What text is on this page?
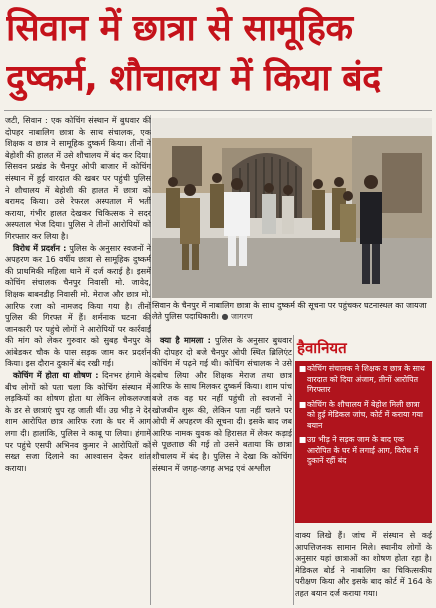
सिवान में छात्रा से सामूहिक
दुष्कर्म, शौचालय में किया बंद

जटी, सिवान : एक कोचिंग संस्थान में बुधवार की दोपहर नाबालिग छात्रा के साथ संचालक, एक शिक्षक व छात्र ने सामूहिक दुष्कर्म किया। तीनों ने बेहोशी की हालत में उसे शौचालय में बंद कर दिया। सिसवन प्रखंड के चैनपुर ओपी बाजार में कोचिंग संस्थान में हुई वारदात की खबर पर पहुंची पुलिस ने शौचालय में बेहोशी की हालत में छात्रा को बरामद किया। उसे रेफरल अस्पताल में भर्ती कराया, गंभीर हालत देखकर चिकित्सक ने सदर अस्पताल भेज दिया। पुलिस ने तीनों आरोपियों को गिरफ्तार कर लिया है।

विरोध में प्रदर्शन : पुलिस के अनुसार स्वजनों ने अपहरण कर 16 वर्षीय छात्रा से सामूहिक दुष्कर्म की प्राथमिकी महिला थाने में दर्ज कराई है। इसमें कोचिंग संचालक चैनपुर निवासी मो. जावेद, शिक्षक बाबनडीह निवासी मो. मेराज और छात्र मो. आरिफ रजा को नामजद किया गया है। तीनों पुलिस की गिरफ्त में हैं। शर्मनाक घटना की जानकारी पर पहुंचे लोगों ने आरोपियों पर कार्रवाई की मांग को लेकर गुरुवार को सुबह चैनपुर के आंबेडकर चौक के पास सड़क जाम कर प्रदर्शन किया। इस दौरान दुकानें बंद रखी गई।

कोचिंग में होता था शोषण : दिनभर हंगामे के बीच लोगों को पता चला कि कोचिंग संस्थान में लड़कियों का शोषण होता था लेकिन लोकलज्जा के डर से छात्राएं चुप रह जाती थीं। उग्र भीड़ ने देर शाम आरोपित छात्र आरिफ रजा के घर में आग लगा दी। हालांकि, पुलिस ने काबू पा लिया। हंगामे पर पहुंचे एसपी अभिनव कुमार ने आरोपितों को सख्त सजा दिलाने का आश्वासन देकर शांत कराया।

सिवान के चैनपुर में नाबालिग छात्रा के साथ दुष्कर्म की सूचना पर पहुंचकर घटनास्थल का जायजा लेते पुलिस पदाधिकारी। ● जागरण

क्या है मामला : पुलिस के अनुसार बुधवार की दोपहर दो बजे चैनपुर ओपी स्थित ब्रिलिएंट कोचिंग में पढ़ने गई थी। कोचिंग संचालक ने उसे दबोच लिया और शिक्षक मेराज तथा छात्र आरिफ के साथ मिलकर दुष्कर्म किया। शाम पांच बजे तक वह घर नहीं पहुंची तो स्वजनों ने खोजबीन शुरू की, लेकिन पता नहीं चलने पर ओपी में अपहरण की सूचना दी। इसके बाद जब आरिफ नामक युवक को हिरासत में लेकर कड़ाई से पूछताछ की गई तो उसने बताया कि छात्रा शौचालय में बंद है। पुलिस ने देखा कि कोचिंग संस्थान में जगह-जगह अभद्र एवं अश्लील

हैवानियत
■ कोचिंग संचालक ने शिक्षक व छात्र के साथ वारदात को दिया अंजाम, तीनों आरोपित गिरफ्तार
■ कोचिंग के शौचालय में बेहोश मिली छात्रा को हुई मेडिकल जांच, कोर्ट में कराया गया बयान
■ उग्र भीड़ ने सड़क जाम के बाद एक आरोपित के घर में लगाई आग, विरोध में दुकानें रहीं बंद

वाक्य लिखे हैं। जांच में संस्थान से कई आपत्तिजनक सामान मिले। स्थानीय लोगों के अनुसार यहां छात्राओं का शोषण होता रहा है। मेडिकल बोर्ड ने नाबालिग का चिकित्सकीय परीक्षण किया और इसके बाद कोर्ट में 164 के तहत बयान दर्ज कराया गया।
